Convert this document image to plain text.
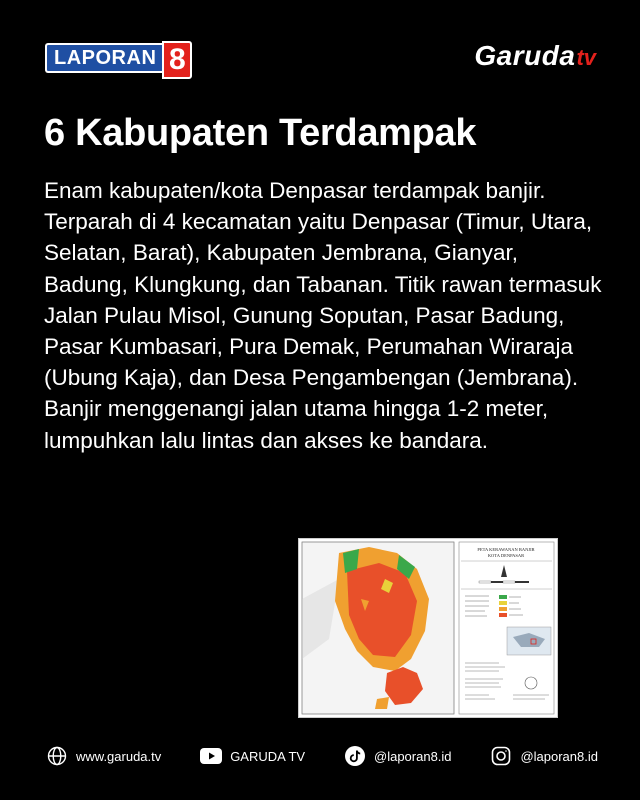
LAPORAN 8	Garuda tv
6 Kabupaten Terdampak

Enam kabupaten/kota Denpasar terdampak banjir. Terparah di 4 kecamatan yaitu Denpasar (Timur, Utara, Selatan, Barat), Kabupaten Jembrana, Gianyar, Badung, Klungkung, dan Tabanan. Titik rawan termasuk Jalan Pulau Misol, Gunung Soputan, Pasar Badung, Pasar Kumbasari, Pura Demak, Perumahan Wiraraja (Ubung Kaja), dan Desa Pengambengan (Jembrana). Banjir menggenangi jalan utama hingga 1-2 meter, lumpuhkan lalu lintas dan akses ke bandara.

PETA KERAWANAN BANJIR
KOTA DENPASAR
www.garuda.tv	GARUDA TV	@laporan8.id	@laporan8.id
